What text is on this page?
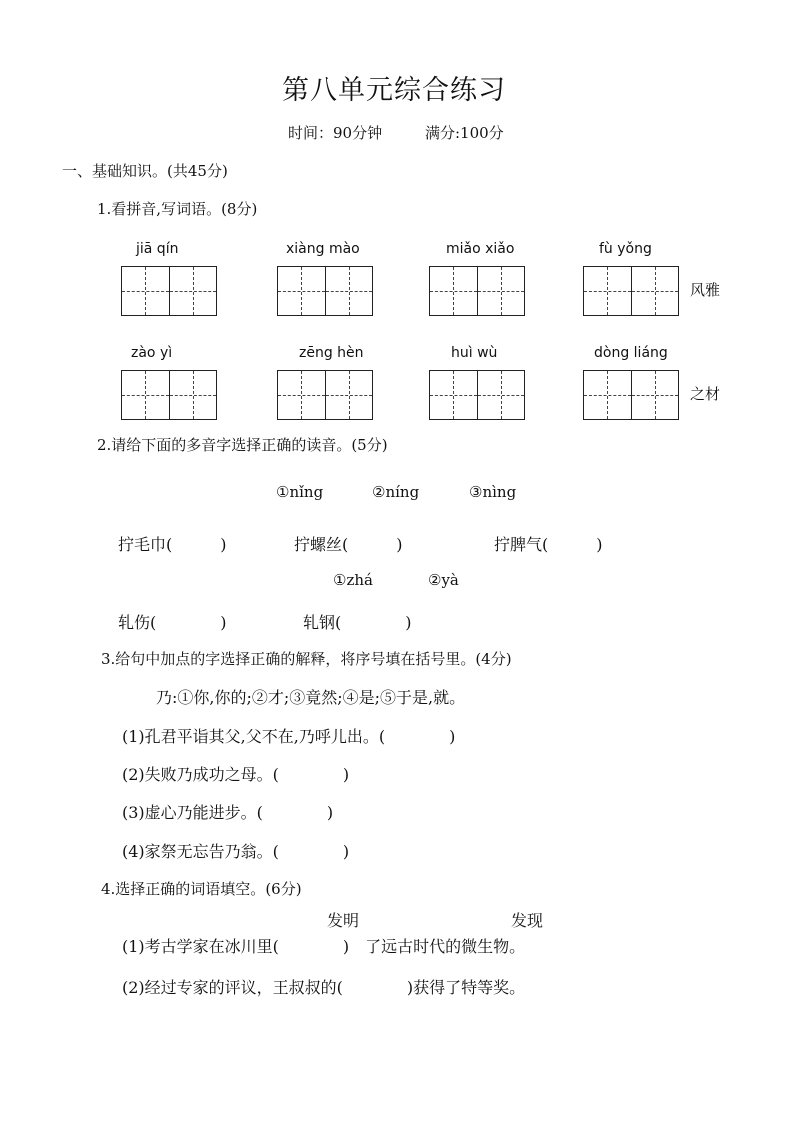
第八单元综合练习
时间：90分钟	满分:100分
一、基础知识。(共45分)
1.看拼音,写词语。(8分)
jiā qín	xiàng mào	miǎo xiǎo	fù yǒng
风雅
zào yì	zēng hèn	huì wù	dòng liáng
之材
2.请给下面的多音字选择正确的读音。(5分)
①nǐng	②níng	③nìng
拧毛巾(　　　)	拧螺丝(　　　)	拧脾气(　　　)
①zhá	②yà
轧伤(　　　　)	轧钢(　　　　)
3.给句中加点的字选择正确的解释，将序号填在括号里。(4分)
乃:①你,你的;②才;③竟然;④是;⑤于是,就。
(1)孔君平诣其父,父不在,乃呼儿出。(　　　　)
(2)失败乃成功之母。(　　　　)
(3)虚心乃能进步。(　　　　)
(4)家祭无忘告乃翁。(　　　　)
4.选择正确的词语填空。(6分)
发明	发现
(1)考古学家在冰川里(　　　　)　了远古时代的微生物。
(2)经过专家的评议，王叔叔的(　　　　)获得了特等奖。
